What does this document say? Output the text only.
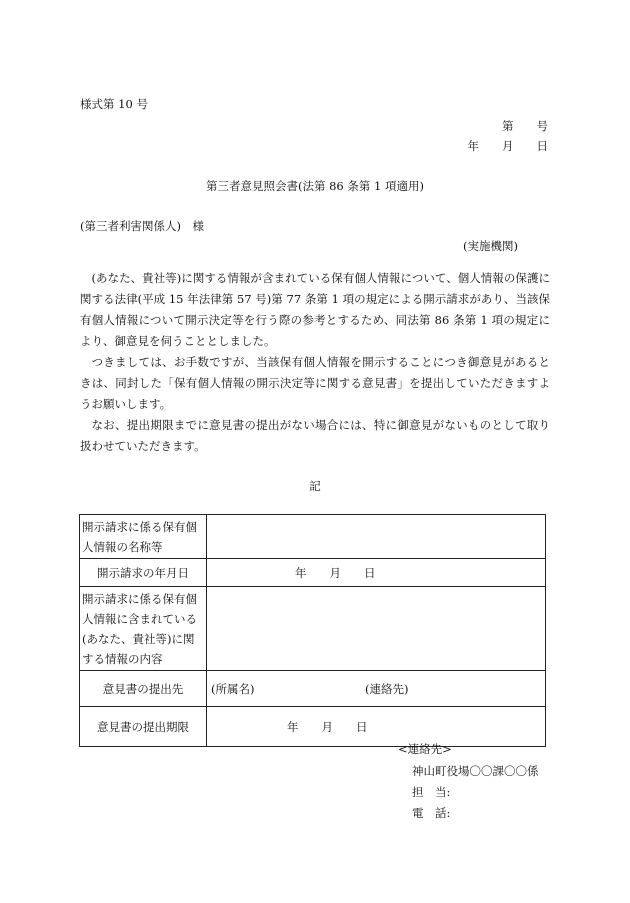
様式第 10 号
第　　号
年　　月　　日
第三者意見照会書(法第 86 条第 1 項適用)
(第三者利害関係人)　様
(実施機関)

(あなた、貴社等)に関する情報が含まれている保有個人情報について、個人情報の保護に関する法律(平成 15 年法律第 57 号)第 77 条第 1 項の規定による開示請求があり、当該保有個人情報について開示決定等を行う際の参考とするため、同法第 86 条第 1 項の規定により、御意見を伺うこととしました。

つきましては、お手数ですが、当該保有個人情報を開示することにつき御意見があるときは、同封した「保有個人情報の開示決定等に関する意見書」を提出していただきますようお願いします。

なお、提出期限までに意見書の提出がない場合には、特に御意見がないものとして取り扱わせていただきます。

記
開示請求に係る保有個人情報の名称等	
開示請求の年月日	年　　月　　日
開示請求に係る保有個人情報に含まれている(あなた、貴社等)に関する情報の内容	
意見書の提出先	(所属名) (連絡先)

意見書の提出期限	年　　月　　日
<連絡先>
神山町役場〇〇課〇〇係
担　当:
電　話:
